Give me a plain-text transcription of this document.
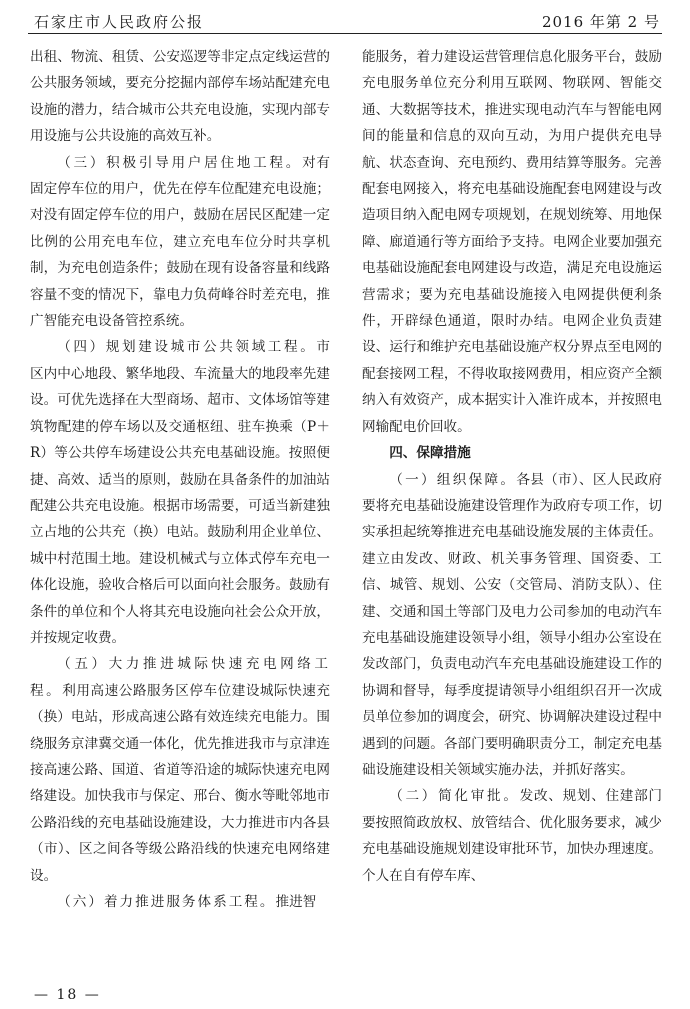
石家庄市人民政府公报	2016 年第 2 号

出租、物流、租赁、公安巡逻等非定点定线运营的公共服务领域，要充分挖掘内部停车场站配建充电设施的潜力，结合城市公共充电设施，实现内部专用设施与公共设施的高效互补。

（三）积极引导用户居住地工程。对有固定停车位的用户，优先在停车位配建充电设施；对没有固定停车位的用户，鼓励在居民区配建一定比例的公用充电车位，建立充电车位分时共享机制，为充电创造条件；鼓励在现有设备容量和线路容量不变的情况下，靠电力负荷峰谷时差充电，推广智能充电设备管控系统。

（四）规划建设城市公共领域工程。市区内中心地段、繁华地段、车流量大的地段率先建设。可优先选择在大型商场、超市、文体场馆等建筑物配建的停车场以及交通枢纽、驻车换乘（P＋R）等公共停车场建设公共充电基础设施。按照便捷、高效、适当的原则，鼓励在具备条件的加油站配建公共充电设施。根据市场需要，可适当新建独立占地的公共充（换）电站。鼓励利用企业单位、城中村范围土地。建设机械式与立体式停车充电一体化设施，验收合格后可以面向社会服务。鼓励有条件的单位和个人将其充电设施向社会公众开放，并按规定收费。

（五）大力推进城际快速充电网络工程。利用高速公路服务区停车位建设城际快速充（换）电站，形成高速公路有效连续充电能力。围绕服务京津冀交通一体化，优先推进我市与京津连接高速公路、国道、省道等沿途的城际快速充电网络建设。加快我市与保定、邢台、衡水等毗邻地市公路沿线的充电基础设施建设，大力推进市内各县（市）、区之间各等级公路沿线的快速充电网络建设。

（六）着力推进服务体系工程。推进智

能服务，着力建设运营管理信息化服务平台，鼓励充电服务单位充分利用互联网、物联网、智能交通、大数据等技术，推进实现电动汽车与智能电网间的能量和信息的双向互动，为用户提供充电导航、状态查询、充电预约、费用结算等服务。完善配套电网接入，将充电基础设施配套电网建设与改造项目纳入配电网专项规划，在规划统筹、用地保障、廊道通行等方面给予支持。电网企业要加强充电基础设施配套电网建设与改造，满足充电设施运营需求；要为充电基础设施接入电网提供便利条件，开辟绿色通道，限时办结。电网企业负责建设、运行和维护充电基础设施产权分界点至电网的配套接网工程，不得收取接网费用，相应资产全额纳入有效资产，成本据实计入准许成本，并按照电网输配电价回收。

四、保障措施

（一）组织保障。各县（市）、区人民政府要将充电基础设施建设管理作为政府专项工作，切实承担起统筹推进充电基础设施发展的主体责任。建立由发改、财政、机关事务管理、国资委、工信、城管、规划、公安（交管局、消防支队）、住建、交通和国土等部门及电力公司参加的电动汽车充电基础设施建设领导小组，领导小组办公室设在发改部门，负责电动汽车充电基础设施建设工作的协调和督导，每季度提请领导小组组织召开一次成员单位参加的调度会，研究、协调解决建设过程中遇到的问题。各部门要明确职责分工，制定充电基础设施建设相关领域实施办法，并抓好落实。

（二）简化审批。发改、规划、住建部门要按照简政放权、放管结合、优化服务要求，减少充电基础设施规划建设审批环节，加快办理速度。个人在自有停车库、

— 18 —
